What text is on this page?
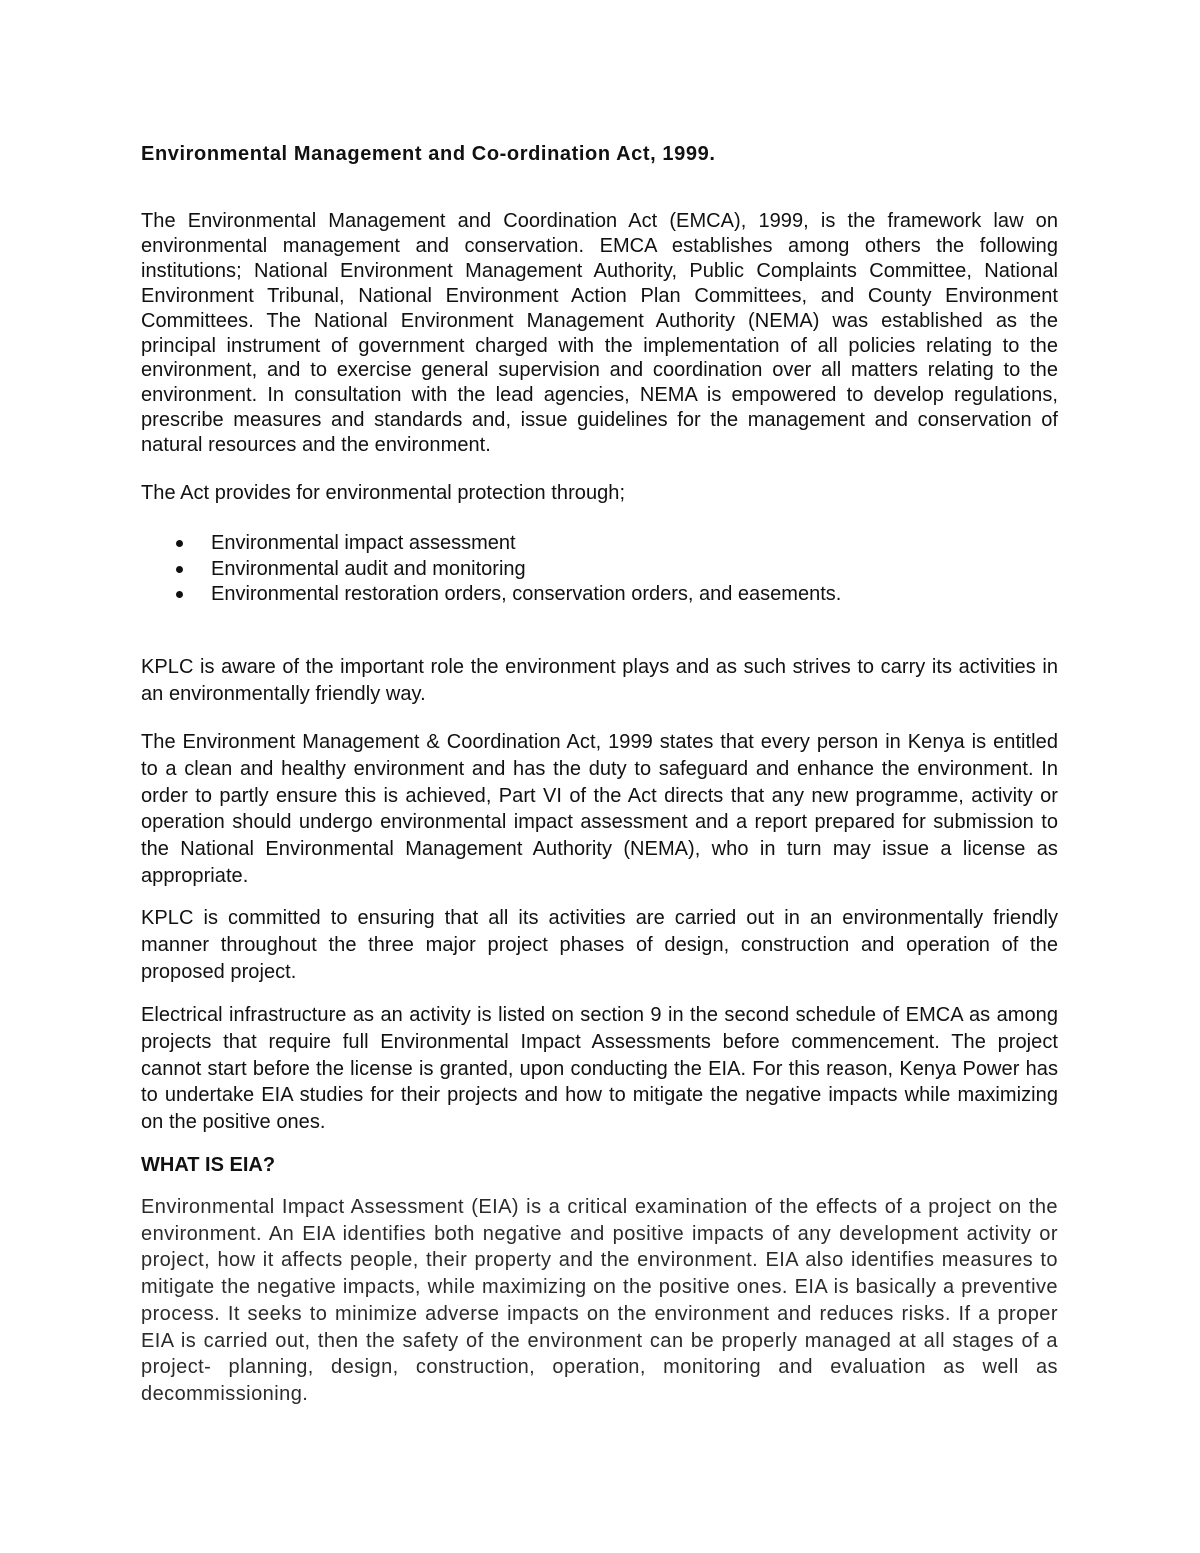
Environmental Management and Co-ordination Act, 1999.

The Environmental Management and Coordination Act (EMCA), 1999, is the framework law on environmental management and conservation. EMCA establishes among others the following institutions; National Environment Management Authority, Public Complaints Committee, National Environment Tribunal, National Environment Action Plan Committees, and County Environment Committees. The National Environment Management Authority (NEMA) was established as the principal instrument of government charged with the implementation of all policies relating to the environment, and to exercise general supervision and coordination over all matters relating to the environment. In consultation with the lead agencies, NEMA is empowered to develop regulations, prescribe measures and standards and, issue guidelines for the management and conservation of natural resources and the environment.

The Act provides for environmental protection through;

Environmental impact assessment
Environmental audit and monitoring
Environmental restoration orders, conservation orders, and easements.

KPLC is aware of the important role the environment plays and as such strives to carry its activities in an environmentally friendly way.

The Environment Management & Coordination Act, 1999 states that every person in Kenya is entitled to a clean and healthy environment and has the duty to safeguard and enhance the environment. In order to partly ensure this is achieved, Part VI of the Act directs that any new programme, activity or operation should undergo environmental impact assessment and a report prepared for submission to the National Environmental Management Authority (NEMA), who in turn may issue a license as appropriate.

KPLC is committed to ensuring that all its activities are carried out in an environmentally friendly manner throughout the three major project phases of design, construction and operation of the proposed project.

Electrical infrastructure as an activity is listed on section 9 in the second schedule of EMCA as among projects that require full Environmental Impact Assessments before commencement. The project cannot start before the license is granted, upon conducting the EIA. For this reason, Kenya Power has to undertake EIA studies for their projects and how to mitigate the negative impacts while maximizing on the positive ones.

WHAT IS EIA?

Environmental Impact Assessment (EIA) is a critical examination of the effects of a project on the environment. An EIA identifies both negative and positive impacts of any development activity or project, how it affects people, their property and the environment. EIA also identifies measures to mitigate the negative impacts, while maximizing on the positive ones. EIA is basically a preventive process. It seeks to minimize adverse impacts on the environment and reduces risks. If a proper EIA is carried out, then the safety of the environment can be properly managed at all stages of a project- planning, design, construction, operation, monitoring and evaluation as well as decommissioning.
